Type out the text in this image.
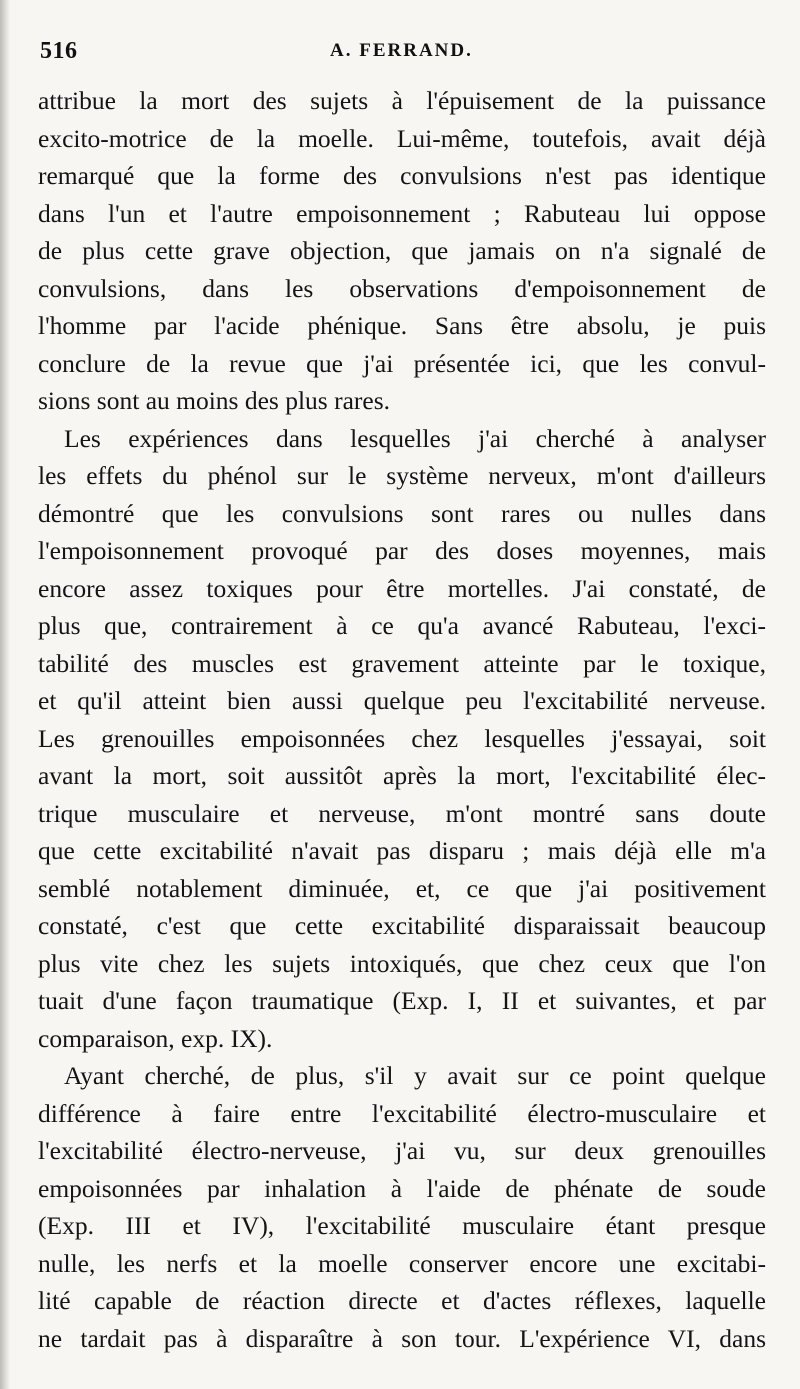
516	A. FERRAND.
attribue la mort des sujets à l'épuisement de la puissance
excito-motrice de la moelle. Lui-même, toutefois, avait déjà
remarqué que la forme des convulsions n'est pas identique
dans l'un et l'autre empoisonnement ; Rabuteau lui oppose
de plus cette grave objection, que jamais on n'a signalé de
convulsions, dans les observations d'empoisonnement de
l'homme par l'acide phénique. Sans être absolu, je puis
conclure de la revue que j'ai présentée ici, que les convul-
sions sont au moins des plus rares.
Les expériences dans lesquelles j'ai cherché à analyser
les effets du phénol sur le système nerveux, m'ont d'ailleurs
démontré que les convulsions sont rares ou nulles dans
l'empoisonnement provoqué par des doses moyennes, mais
encore assez toxiques pour être mortelles. J'ai constaté, de
plus que, contrairement à ce qu'a avancé Rabuteau, l'exci-
tabilité des muscles est gravement atteinte par le toxique,
et qu'il atteint bien aussi quelque peu l'excitabilité nerveuse.
Les grenouilles empoisonnées chez lesquelles j'essayai, soit
avant la mort, soit aussitôt après la mort, l'excitabilité élec-
trique musculaire et nerveuse, m'ont montré sans doute
que cette excitabilité n'avait pas disparu ; mais déjà elle m'a
semblé notablement diminuée, et, ce que j'ai positivement
constaté, c'est que cette excitabilité disparaissait beaucoup
plus vite chez les sujets intoxiqués, que chez ceux que l'on
tuait d'une façon traumatique (Exp. I, II et suivantes, et par
comparaison, exp. IX).
Ayant cherché, de plus, s'il y avait sur ce point quelque
différence à faire entre l'excitabilité électro-musculaire et
l'excitabilité électro-nerveuse, j'ai vu, sur deux grenouilles
empoisonnées par inhalation à l'aide de phénate de soude
(Exp. III et IV), l'excitabilité musculaire étant presque
nulle, les nerfs et la moelle conserver encore une excitabi-
lité capable de réaction directe et d'actes réflexes, laquelle
ne tardait pas à disparaître à son tour. L'expérience VI, dans
